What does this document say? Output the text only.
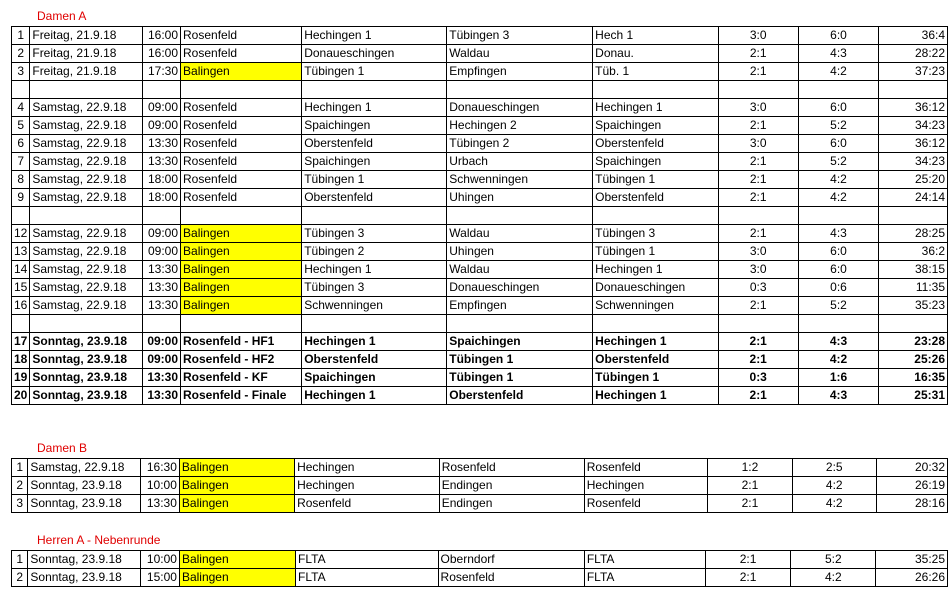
Damen A
1	Freitag, 21.9.18	16:00	Rosenfeld	Hechingen 1	Tübingen 3	Hech 1	3:0	6:0	36:4
2	Freitag, 21.9.18	16:00	Rosenfeld	Donaueschingen	Waldau	Donau.	2:1	4:3	28:22
3	Freitag, 21.9.18	17:30	Balingen	Tübingen 1	Empfingen	Tüb. 1	2:1	4:2	37:23

4	Samstag, 22.9.18	09:00	Rosenfeld	Hechingen 1	Donaueschingen	Hechingen 1	3:0	6:0	36:12
5	Samstag, 22.9.18	09:00	Rosenfeld	Spaichingen	Hechingen 2	Spaichingen	2:1	5:2	34:23
6	Samstag, 22.9.18	13:30	Rosenfeld	Oberstenfeld	Tübingen 2	Oberstenfeld	3:0	6:0	36:12
7	Samstag, 22.9.18	13:30	Rosenfeld	Spaichingen	Urbach	Spaichingen	2:1	5:2	34:23
8	Samstag, 22.9.18	18:00	Rosenfeld	Tübingen 1	Schwenningen	Tübingen 1	2:1	4:2	25:20
9	Samstag, 22.9.18	18:00	Rosenfeld	Oberstenfeld	Uhingen	Oberstenfeld	2:1	4:2	24:14

12	Samstag, 22.9.18	09:00	Balingen	Tübingen 3	Waldau	Tübingen 3	2:1	4:3	28:25
13	Samstag, 22.9.18	09:00	Balingen	Tübingen 2	Uhingen	Tübingen 1	3:0	6:0	36:2
14	Samstag, 22.9.18	13:30	Balingen	Hechingen 1	Waldau	Hechingen 1	3:0	6:0	38:15
15	Samstag, 22.9.18	13:30	Balingen	Tübingen 3	Donaueschingen	Donaueschingen	0:3	0:6	11:35
16	Samstag, 22.9.18	13:30	Balingen	Schwenningen	Empfingen	Schwenningen	2:1	5:2	35:23

17	Sonntag, 23.9.18	09:00	Rosenfeld - HF1	Hechingen 1	Spaichingen	Hechingen 1	2:1	4:3	23:28
18	Sonntag, 23.9.18	09:00	Rosenfeld - HF2	Oberstenfeld	Tübingen 1	Oberstenfeld	2:1	4:2	25:26
19	Sonntag, 23.9.18	13:30	Rosenfeld - KF	Spaichingen	Tübingen 1	Tübingen 1	0:3	1:6	16:35
20	Sonntag, 23.9.18	13:30	Rosenfeld - Finale	Hechingen 1	Oberstenfeld	Hechingen 1	2:1	4:3	25:31
Damen B
1	Samstag, 22.9.18	16:30	Balingen	Hechingen	Rosenfeld	Rosenfeld	1:2	2:5	20:32
2	Sonntag, 23.9.18	10:00	Balingen	Hechingen	Endingen	Hechingen	2:1	4:2	26:19
3	Sonntag, 23.9.18	13:30	Balingen	Rosenfeld	Endingen	Rosenfeld	2:1	4:2	28:16
Herren A - Nebenrunde
1	Sonntag, 23.9.18	10:00	Balingen	FLTA	Oberndorf	FLTA	2:1	5:2	35:25
2	Sonntag, 23.9.18	15:00	Balingen	FLTA	Rosenfeld	FLTA	2:1	4:2	26:26
